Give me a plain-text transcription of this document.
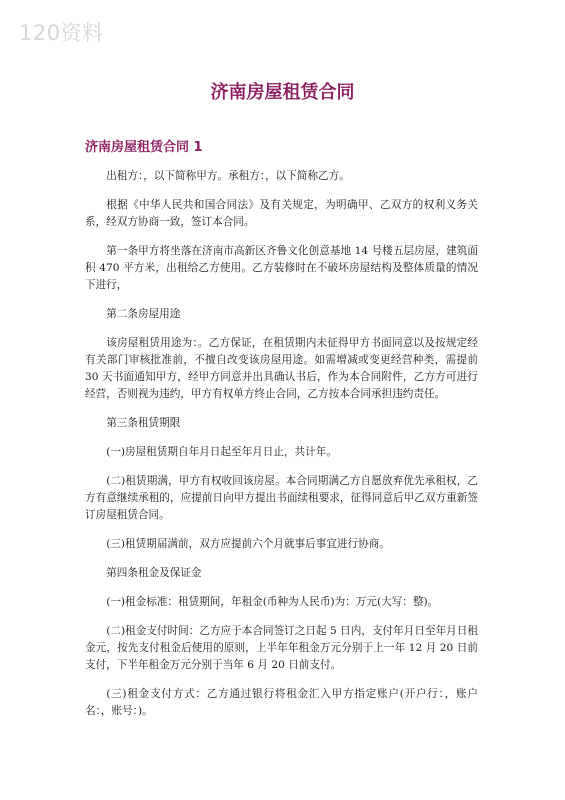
120资料
济南房屋租赁合同
济南房屋租赁合同 1

出租方：，以下简称甲方。承租方：，以下简称乙方。

根据《中华人民共和国合同法》及有关规定，为明确甲、乙双方的权利义务关系，经双方协商一致，签订本合同。

第一条甲方将坐落在济南市高新区齐鲁文化创意基地 14 号楼五层房屋，建筑面积 470 平方米，出租给乙方使用。乙方装修时在不破坏房屋结构及整体质量的情况下进行，

第二条房屋用途

该房屋租赁用途为：。乙方保证，在租赁期内未征得甲方书面同意以及按规定经有关部门审核批准前，不擅自改变该房屋用途。如需增减或变更经营种类，需提前 30 天书面通知甲方，经甲方同意并出具确认书后，作为本合同附件，乙方方可进行经营，否则视为违约，甲方有权单方终止合同，乙方按本合同承担违约责任。

第三条租赁期限

(一)房屋租赁期自年月日起至年月日止，共计年。

(二)租赁期满，甲方有权收回该房屋。本合同期满乙方自愿放弃优先承租权，乙方有意继续承租的，应提前日向甲方提出书面续租要求，征得同意后甲乙双方重新签订房屋租赁合同。

(三)租赁期届满前，双方应提前六个月就事后事宜进行协商。

第四条租金及保证金

(一)租金标准：租赁期间，年租金(币种为人民币)为：万元(大写：整)。

(二)租金支付时间：乙方应于本合同签订之日起 5 日内，支付年月日至年月日租金元，按先支付租金后使用的原则，上半年年租金万元分别于上一年 12 月 20 日前支付，下半年租金万元分别于当年 6 月 20 日前支付。

(三)租金支付方式：乙方通过银行将租金汇入甲方指定账户(开户行：，账户名：，账号：)。
